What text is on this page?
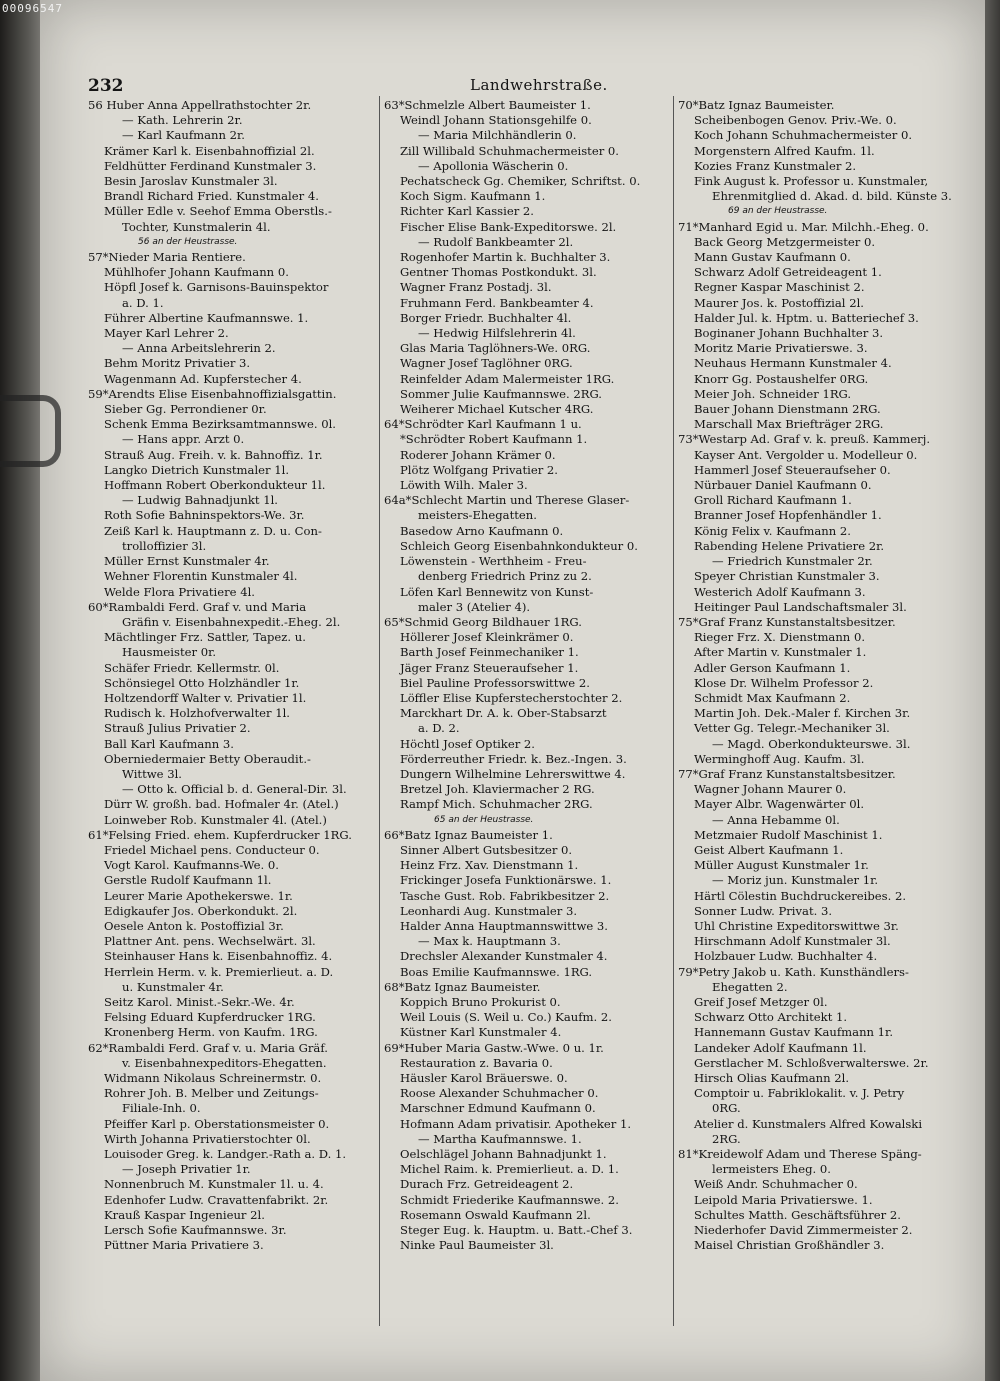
00096547
232	Landwehrstraße.
56 Huber Anna Appellrathstochter 2r.
— Kath. Lehrerin 2r.
— Karl Kaufmann 2r.
Krämer Karl k. Eisenbahnoffizial 2l.
Feldhütter Ferdinand Kunstmaler 3.
Besin Jaroslav Kunstmaler 3l.
Brandl Richard Fried. Kunstmaler 4.
Müller Edle v. Seehof Emma Oberstls.-
Tochter, Kunstmalerin 4l.
56 an der Heustrasse.
57*Nieder Maria Rentiere.
Mühlhofer Johann Kaufmann 0.
Höpfl Josef k. Garnisons-Bauinspektor
a. D. 1.
Führer Albertine Kaufmannswe. 1.
Mayer Karl Lehrer 2.
— Anna Arbeitslehrerin 2.
Behm Moritz Privatier 3.
Wagenmann Ad. Kupferstecher 4.
59*Arendts Elise Eisenbahnoffizialsgattin.
Sieber Gg. Perrondiener 0r.
Schenk Emma Bezirksamtmannswe. 0l.
— Hans appr. Arzt 0.
Strauß Aug. Freih. v. k. Bahnoffiz. 1r.
Langko Dietrich Kunstmaler 1l.
Hoffmann Robert Oberkondukteur 1l.
— Ludwig Bahnadjunkt 1l.
Roth Sofie Bahninspektors-We. 3r.
Zeiß Karl k. Hauptmann z. D. u. Con-
trolloffizier 3l.
Müller Ernst Kunstmaler 4r.
Wehner Florentin Kunstmaler 4l.
Welde Flora Privatiere 4l.
60*Rambaldi Ferd. Graf v. und Maria
Gräfin v. Eisenbahnexpedit.-Eheg. 2l.
Mächtlinger Frz. Sattler, Tapez. u.
Hausmeister 0r.
Schäfer Friedr. Kellermstr. 0l.
Schönsiegel Otto Holzhändler 1r.
Holtzendorff Walter v. Privatier 1l.
Rudisch k. Holzhofverwalter 1l.
Strauß Julius Privatier 2.
Ball Karl Kaufmann 3.
Oberniedermaier Betty Oberaudit.-
Wittwe 3l.
— Otto k. Official b. d. General-Dir. 3l.
Dürr W. großh. bad. Hofmaler 4r. (Atel.)
Loinweber Rob. Kunstmaler 4l. (Atel.)
61*Felsing Fried. ehem. Kupferdrucker 1RG.
Friedel Michael pens. Conducteur 0.
Vogt Karol. Kaufmanns-We. 0.
Gerstle Rudolf Kaufmann 1l.
Leurer Marie Apothekerswe. 1r.
Edigkaufer Jos. Oberkondukt. 2l.
Oesele Anton k. Postoffizial 3r.
Plattner Ant. pens. Wechselwärt. 3l.
Steinhauser Hans k. Eisenbahnoffiz. 4.
Herrlein Herm. v. k. Premierlieut. a. D.
u. Kunstmaler 4r.
Seitz Karol. Minist.-Sekr.-We. 4r.
Felsing Eduard Kupferdrucker 1RG.
Kronenberg Herm. von Kaufm. 1RG.
62*Rambaldi Ferd. Graf v. u. Maria Gräf.
v. Eisenbahnexpeditors-Ehegatten.
Widmann Nikolaus Schreinermstr. 0.
Rohrer Joh. B. Melber und Zeitungs-
Filiale-Inh. 0.
Pfeiffer Karl p. Oberstationsmeister 0.
Wirth Johanna Privatierstochter 0l.
Louisoder Greg. k. Landger.-Rath a. D. 1.
— Joseph Privatier 1r.
Nonnenbruch M. Kunstmaler 1l. u. 4.
Edenhofer Ludw. Cravattenfabrikt. 2r.
Krauß Kaspar Ingenieur 2l.
Lersch Sofie Kaufmannswe. 3r.
Püttner Maria Privatiere 3.
63*Schmelzle Albert Baumeister 1.
Weindl Johann Stationsgehilfe 0.
— Maria Milchhändlerin 0.
Zill Willibald Schuhmachermeister 0.
— Apollonia Wäscherin 0.
Pechatscheck Gg. Chemiker, Schriftst. 0.
Koch Sigm. Kaufmann 1.
Richter Karl Kassier 2.
Fischer Elise Bank-Expeditorswe. 2l.
— Rudolf Bankbeamter 2l.
Rogenhofer Martin k. Buchhalter 3.
Gentner Thomas Postkondukt. 3l.
Wagner Franz Postadj. 3l.
Fruhmann Ferd. Bankbeamter 4.
Borger Friedr. Buchhalter 4l.
— Hedwig Hilfslehrerin 4l.
Glas Maria Taglöhners-We. 0RG.
Wagner Josef Taglöhner 0RG.
Reinfelder Adam Malermeister 1RG.
Sommer Julie Kaufmannswe. 2RG.
Weiherer Michael Kutscher 4RG.
64*Schrödter Karl Kaufmann 1 u.
*Schrödter Robert Kaufmann 1.
Roderer Johann Krämer 0.
Plötz Wolfgang Privatier 2.
Löwith Wilh. Maler 3.
64a*Schlecht Martin und Therese Glaser-
meisters-Ehegatten.
Basedow Arno Kaufmann 0.
Schleich Georg Eisenbahnkondukteur 0.
Löwenstein - Werthheim - Freu-
denberg Friedrich Prinz zu 2.
Löfen Karl Bennewitz von Kunst-
maler 3 (Atelier 4).
65*Schmid Georg Bildhauer 1RG.
Höllerer Josef Kleinkrämer 0.
Barth Josef Feinmechaniker 1.
Jäger Franz Steueraufseher 1.
Biel Pauline Professorswittwe 2.
Löffler Elise Kupferstecherstochter 2.
Marckhart Dr. A. k. Ober-Stabsarzt
a. D. 2.
Höchtl Josef Optiker 2.
Förderreuther Friedr. k. Bez.-Ingen. 3.
Dungern Wilhelmine Lehrerswittwe 4.
Bretzel Joh. Klaviermacher 2 RG.
Rampf Mich. Schuhmacher 2RG.
65 an der Heustrasse.
66*Batz Ignaz Baumeister 1.
Sinner Albert Gutsbesitzer 0.
Heinz Frz. Xav. Dienstmann 1.
Frickinger Josefa Funktionärswe. 1.
Tasche Gust. Rob. Fabrikbesitzer 2.
Leonhardi Aug. Kunstmaler 3.
Halder Anna Hauptmannswittwe 3.
— Max k. Hauptmann 3.
Drechsler Alexander Kunstmaler 4.
Boas Emilie Kaufmannswe. 1RG.
68*Batz Ignaz Baumeister.
Koppich Bruno Prokurist 0.
Weil Louis (S. Weil u. Co.) Kaufm. 2.
Küstner Karl Kunstmaler 4.
69*Huber Maria Gastw.-Wwe. 0 u. 1r.
Restauration z. Bavaria 0.
Häusler Karol Bräuerswe. 0.
Roose Alexander Schuhmacher 0.
Marschner Edmund Kaufmann 0.
Hofmann Adam privatisir. Apotheker 1.
— Martha Kaufmannswe. 1.
Oelschlägel Johann Bahnadjunkt 1.
Michel Raim. k. Premierlieut. a. D. 1.
Durach Frz. Getreideagent 2.
Schmidt Friederike Kaufmannswe. 2.
Rosemann Oswald Kaufmann 2l.
Steger Eug. k. Hauptm. u. Batt.-Chef 3.
Ninke Paul Baumeister 3l.
70*Batz Ignaz Baumeister.
Scheibenbogen Genov. Priv.-We. 0.
Koch Johann Schuhmachermeister 0.
Morgenstern Alfred Kaufm. 1l.
Kozies Franz Kunstmaler 2.
Fink August k. Professor u. Kunstmaler,
Ehrenmitglied d. Akad. d. bild. Künste 3.
69 an der Heustrasse.
71*Manhard Egid u. Mar. Milchh.-Eheg. 0.
Back Georg Metzgermeister 0.
Mann Gustav Kaufmann 0.
Schwarz Adolf Getreideagent 1.
Regner Kaspar Maschinist 2.
Maurer Jos. k. Postoffizial 2l.
Halder Jul. k. Hptm. u. Batteriechef 3.
Boginaner Johann Buchhalter 3.
Moritz Marie Privatierswe. 3.
Neuhaus Hermann Kunstmaler 4.
Knorr Gg. Postaushelfer 0RG.
Meier Joh. Schneider 1RG.
Bauer Johann Dienstmann 2RG.
Marschall Max Briefträger 2RG.
73*Westarp Ad. Graf v. k. preuß. Kammerj.
Kayser Ant. Vergolder u. Modelleur 0.
Hammerl Josef Steueraufseher 0.
Nürbauer Daniel Kaufmann 0.
Groll Richard Kaufmann 1.
Branner Josef Hopfenhändler 1.
König Felix v. Kaufmann 2.
Rabending Helene Privatiere 2r.
— Friedrich Kunstmaler 2r.
Speyer Christian Kunstmaler 3.
Westerich Adolf Kaufmann 3.
Heitinger Paul Landschaftsmaler 3l.
75*Graf Franz Kunstanstaltsbesitzer.
Rieger Frz. X. Dienstmann 0.
After Martin v. Kunstmaler 1.
Adler Gerson Kaufmann 1.
Klose Dr. Wilhelm Professor 2.
Schmidt Max Kaufmann 2.
Martin Joh. Dek.-Maler f. Kirchen 3r.
Vetter Gg. Telegr.-Mechaniker 3l.
— Magd. Oberkondukteurswe. 3l.
Werminghoff Aug. Kaufm. 3l.
77*Graf Franz Kunstanstaltsbesitzer.
Wagner Johann Maurer 0.
Mayer Albr. Wagenwärter 0l.
— Anna Hebamme 0l.
Metzmaier Rudolf Maschinist 1.
Geist Albert Kaufmann 1.
Müller August Kunstmaler 1r.
— Moriz jun. Kunstmaler 1r.
Härtl Cölestin Buchdruckereibes. 2.
Sonner Ludw. Privat. 3.
Uhl Christine Expeditorswittwe 3r.
Hirschmann Adolf Kunstmaler 3l.
Holzbauer Ludw. Buchhalter 4.
79*Petry Jakob u. Kath. Kunsthändlers-
Ehegatten 2.
Greif Josef Metzger 0l.
Schwarz Otto Architekt 1.
Hannemann Gustav Kaufmann 1r.
Landeker Adolf Kaufmann 1l.
Gerstlacher M. Schloßverwalterswe. 2r.
Hirsch Olias Kaufmann 2l.
Comptoir u. Fabriklokalit. v. J. Petry
0RG.
Atelier d. Kunstmalers Alfred Kowalski
2RG.
81*Kreidewolf Adam und Therese Späng-
lermeisters Eheg. 0.
Weiß Andr. Schuhmacher 0.
Leipold Maria Privatierswe. 1.
Schultes Matth. Geschäftsführer 2.
Niederhofer David Zimmermeister 2.
Maisel Christian Großhändler 3.
